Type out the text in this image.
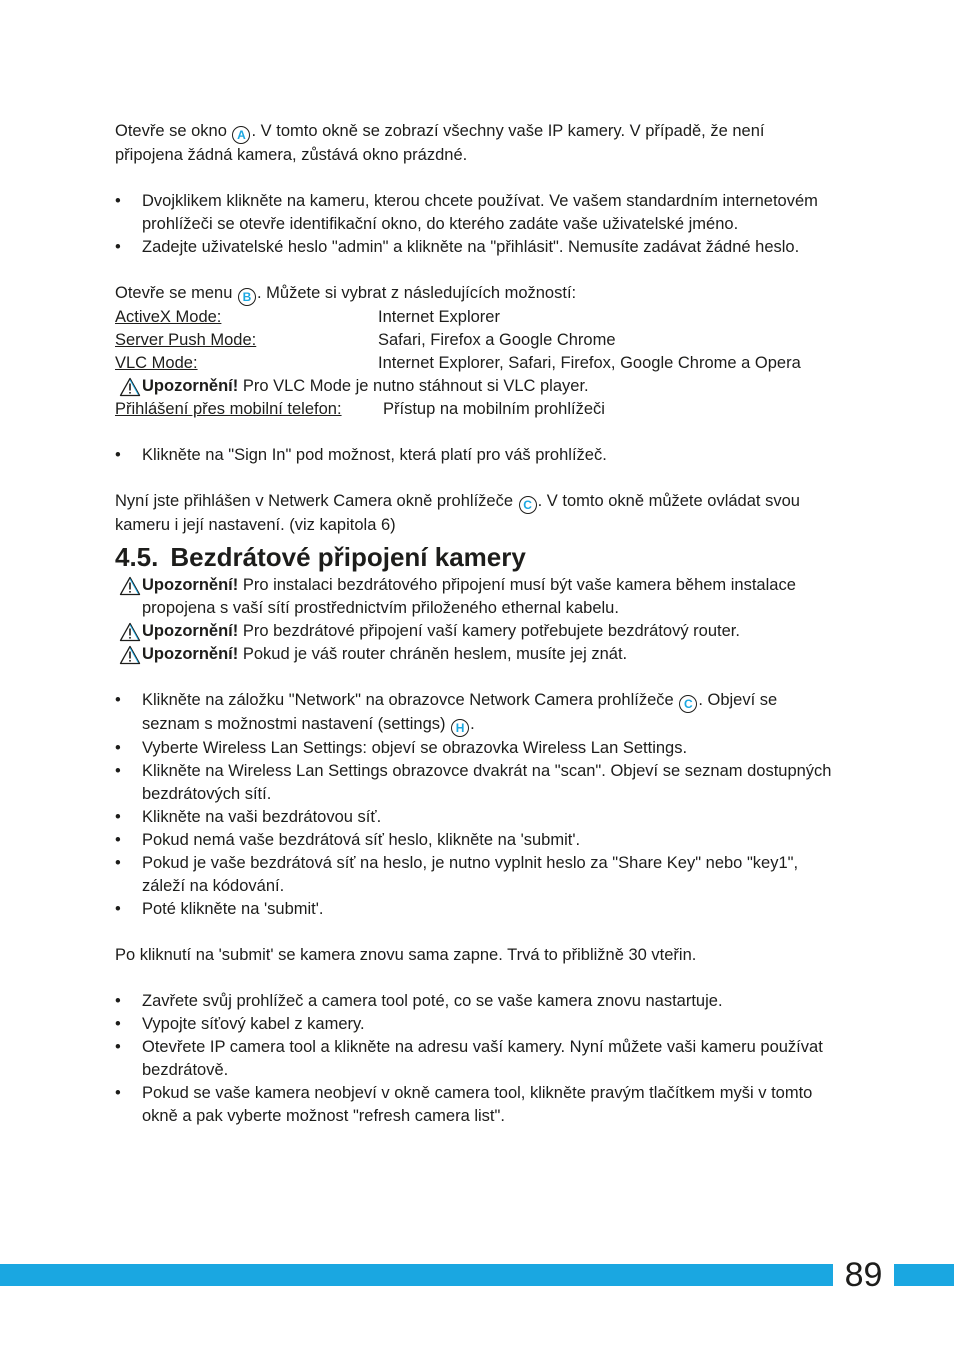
Otevře se okno A . V tomto okně se zobrazí všechny vaše IP kamery. V případě, že není připojena žádná kamera, zůstává okno prázdné.

• Dvojklikem klikněte na kameru, kterou chcete používat. Ve vašem standardním internetovém prohlížeči se otevře identifikační okno, do kterého zadáte vaše uživatelské jméno.

• Zadejte uživatelské heslo "admin" a klikněte na "přihlásit". Nemusíte zadávat žádné heslo.

Otevře se menu B . Můžete si vybrat z následujících možností:

ActiveX Mode:	Internet Explorer
Server Push Mode:	Safari, Firefox a Google Chrome
VLC Mode:	Internet Explorer, Safari, Firefox, Google Chrome a Opera

Upozornění! Pro VLC Mode je nutno stáhnout si VLC player.

Přihlášení přes mobilní telefon:	Přístup na mobilním prohlížeči

• Klikněte na "Sign In" pod možnost, která platí pro váš prohlížeč.

Nyní jste přihlášen v Netwerk Camera okně prohlížeče C . V tomto okně můžete ovládat svou kameru i její nastavení. (viz kapitola 6)

4.5. Bezdrátové připojení kamery

Upozornění! Pro instalaci bezdrátového připojení musí být vaše kamera během instalace propojena s vaší sítí prostřednictvím přiloženého ethernal kabelu.

Upozornění! Pro bezdrátové připojení vaší kamery potřebujete bezdrátový router.

Upozornění! Pokud je váš router chráněn heslem, musíte jej znát.

• Klikněte na záložku "Network" na obrazovce Network Camera prohlížeče C . Objeví se seznam s možnostmi nastavení (settings) H .

• Vyberte Wireless Lan Settings: objeví se obrazovka Wireless Lan Settings.

• Klikněte na Wireless Lan Settings obrazovce dvakrát na "scan". Objeví se seznam dostupných bezdrátových sítí.

• Klikněte na vaši bezdrátovou síť.

• Pokud nemá vaše bezdrátová síť heslo, klikněte na 'submit'.

• Pokud je vaše bezdrátová síť na heslo, je nutno vyplnit heslo za "Share Key" nebo "key1", záleží na kódování.

• Poté klikněte na 'submit'.

Po kliknutí na 'submit' se kamera znovu sama zapne. Trvá to přibližně 30 vteřin.

• Zavřete svůj prohlížeč a camera tool poté, co se vaše kamera znovu nastartuje.

• Vypojte síťový kabel z kamery.

• Otevřete IP camera tool a klikněte na adresu vaší kamery. Nyní můžete vaši kameru používat bezdrátově.

• Pokud se vaše kamera neobjeví v okně camera tool, klikněte pravým tlačítkem myši v tomto okně a pak vyberte možnost "refresh camera list".

89
